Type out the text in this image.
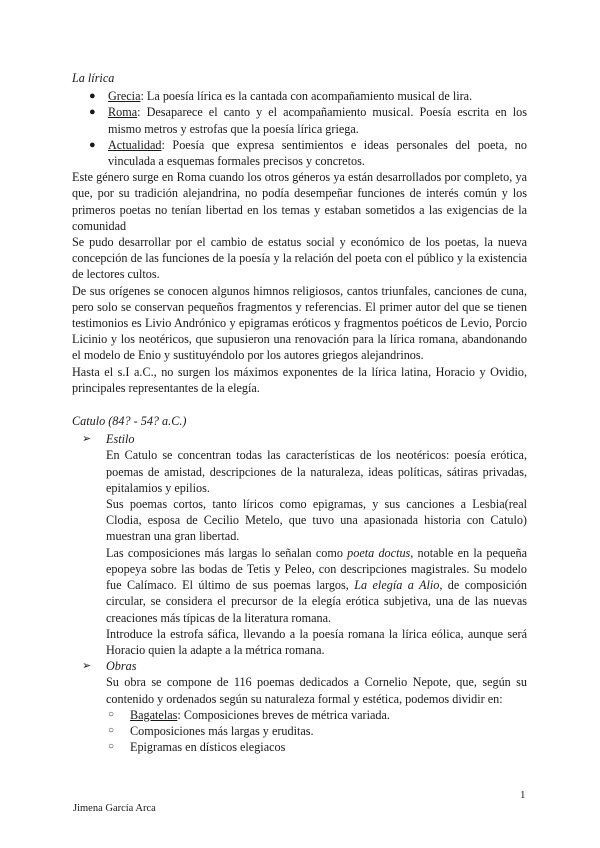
La lírica
● Grecia: La poesía lírica es la cantada con acompañamiento musical de lira.
● Roma: Desaparece el canto y el acompañamiento musical. Poesía escrita en los mismo metros y estrofas que la poesía lírica griega.
● Actualidad: Poesía que expresa sentimientos e ideas personales del poeta, no vinculada a esquemas formales precisos y concretos.

Este género surge en Roma cuando los otros géneros ya están desarrollados por completo, ya que, por su tradición alejandrina, no podía desempeñar funciones de interés común y los primeros poetas no tenían libertad en los temas y estaban sometidos a las exigencias de la comunidad

Se pudo desarrollar por el cambio de estatus social y económico de los poetas, la nueva concepción de las funciones de la poesía y la relación del poeta con el público y la existencia de lectores cultos.

De sus orígenes se conocen algunos himnos religiosos, cantos triunfales, canciones de cuna, pero solo se conservan pequeños fragmentos y referencias. El primer autor del que se tienen testimonios es Livio Andrónico y epigramas eróticos y fragmentos poéticos de Levio, Porcio Licinio y los neotéricos, que supusieron una renovación para la lírica romana, abandonando el modelo de Enio y sustituyéndolo por los autores griegos alejandrinos.

Hasta el s.I a.C., no surgen los máximos exponentes de la lírica latina, Horacio y Ovidio, principales representantes de la elegía.

Catulo (84? - 54? a.C.)
➢ Estilo

En Catulo se concentran todas las características de los neotéricos: poesía erótica, poemas de amistad, descripciones de la naturaleza, ideas políticas, sátiras privadas, epitalamios y epilios.

Sus poemas cortos, tanto líricos como epigramas, y sus canciones a Lesbia(real Clodia, esposa de Cecilio Metelo, que tuvo una apasionada historia con Catulo) muestran una gran libertad.

Las composiciones más largas lo señalan como poeta doctus, notable en la pequeña epopeya sobre las bodas de Tetis y Peleo, con descripciones magistrales. Su modelo fue Calímaco. El último de sus poemas largos, La elegía a Alio, de composición circular, se considera el precursor de la elegía erótica subjetiva, una de las nuevas creaciones más típicas de la literatura romana.

Introduce la estrofa sáfica, llevando a la poesía romana la lírica eólica, aunque será Horacio quien la adapte a la métrica romana.

➢ Obras

Su obra se compone de 116 poemas dedicados a Cornelio Nepote, que, según su contenido y ordenados según su naturaleza formal y estética, podemos dividir en:

○ Bagatelas: Composiciones breves de métrica variada.
○ Composiciones más largas y eruditas.
○ Epigramas en dísticos elegiacos
1
Jimena García Arca
